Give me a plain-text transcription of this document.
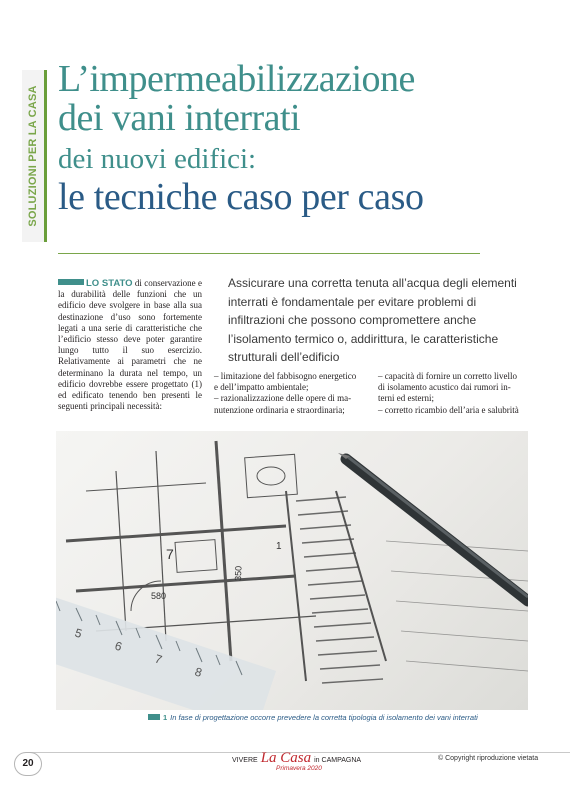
SOLUZIONI PER LA CASA
L’impermeabilizzazione
dei vani interrati
dei nuovi edifici:
le tecniche caso per caso
LO STATO di conservazione e la durabilità delle funzioni che un edificio deve svolgere in base alla sua destinazione d’uso sono fortemente legati a una serie di caratteristiche che l’edificio stesso deve poter garantire lungo tutto il suo esercizio. Relativamente ai parametri che ne determinano la durata nel tempo, un edificio dovrebbe essere progettato (1) ed edificato tenendo ben presenti le seguenti principali necessità:
Assicurare una corretta tenuta all’acqua degli elementi interrati è fondamentale per evitare problemi di infiltrazioni che possono compromettere anche l’isolamento termico o, addirittura, le caratteristiche strutturali dell’edificio
– limitazione del fabbisogno energetico
e dell’impatto ambientale;
– razionalizzazione delle opere di ma-
nutenzione ordinaria e straordinaria;
– capacità di fornire un corretto livello
di isolamento acustico dai rumori in-
terni ed esterni;
– corretto ricambio dell’aria e salubrità
7
580
350
1
5
6
7
8
1 In fase di progettazione occorre prevedere la corretta tipologia di isolamento dei vani interrati
20	VIVERE La Casa in CAMPAGNA
Primavera 2020
© Copyright riproduzione vietata
